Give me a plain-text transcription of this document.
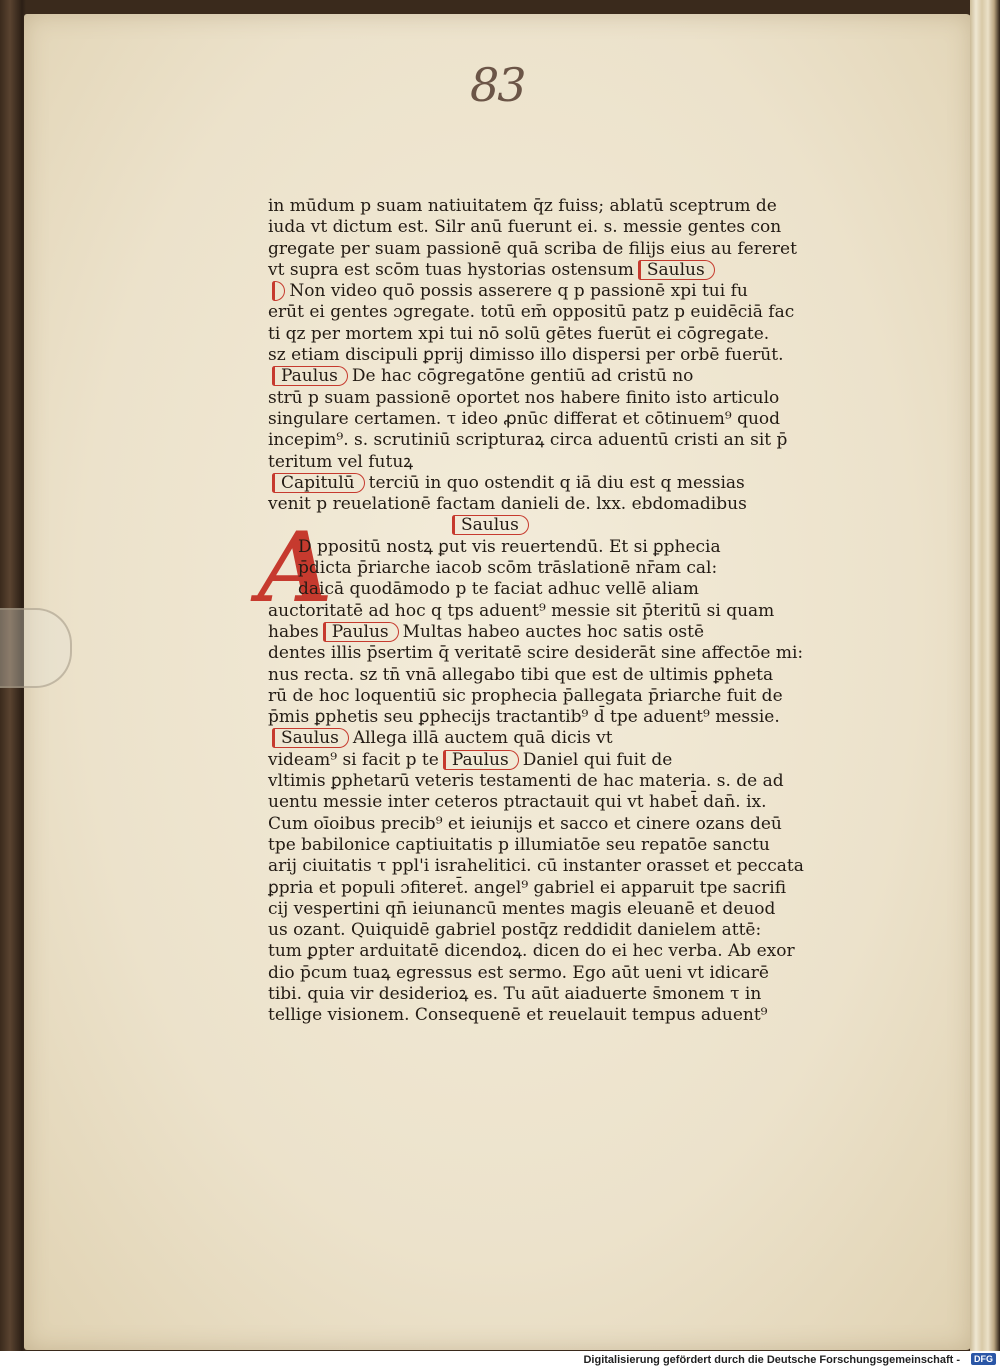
83
A
in mūdum p suam natiuitatem q̄z fuiss; ablatū sceptrum de
iuda vt dictum est. Silr anū fuerunt ei. s. messie gentes con
gregate per suam passionē quā scriba de filijs eius au fereret
vt supra est scōm tuas hystorias ostensum Saulus
Non video quō possis asserere q p passionē xpi tui fu
erūt ei gentes ɔgregate. totū em̄ oppositū patz p euidēciā fac
ti qz per mortem xpi tui nō solū gētes fuerūt ei cōgregate.
sz etiam discipuli ꝑprij dimisso illo dispersi per orbē fuerūt.
Paulus De hac cōgregatōne gentiū ad cristū no
strū p suam passionē oportet nos habere finito isto articulo
singulare certamen. τ ideo ꝓnūc differat et cōtinuem⁹ quod
incepim⁹. s. scrutiniū scripturaꝝ circa aduentū cristi an sit p̄
teritum vel futuꝝ
Capitulū terciū in quo ostendit q iā diu est q messias
venit p reuelationē factam danieli de. lxx. ebdomadibus
Saulus
D ppositū nostꝝ ꝑut vis reuertendū. Et si ꝑphecia
p̄dicta p̄riarche iacob scōm trāslationē nr̄am cal:
daicā quodāmodo p te faciat adhuc vellē aliam
auctoritatē ad hoc q tps aduent⁹ messie sit p̄teritū si quam
habes Paulus Multas habeo auctes hoc satis ostē
dentes illis p̄sertim q̄ veritatē scire desiderāt sine affectōe mi:
nus recta. sz tn̄ vnā allegabo tibi que est de ultimis ꝑpheta
rū de hoc loquentiū sic prophecia p̄allegata p̄riarche fuit de
p̄mis ꝑphetis seu ꝑphecijs tractantib⁹ d̄ tpe aduent⁹ messie.
Saulus Allega illā auctem quā dicis vt
videam⁹ si facit p te Paulus Daniel qui fuit de
vltimis ꝑphetarū veteris testamenti de hac materia. s. de ad
uentu messie inter ceteros ptractauit qui vt habet̄ dan̄. ix.
Cum oīoibus precib⁹ et ieiunijs et sacco et cinere ozans deū
tpe babilonice captiuitatis p illumiatōe seu repatōe sanctu
arij ciuitatis τ ppl'i israhelitici. cū instanter orasset et peccata
ꝑpria et populi ɔfiteret̄. angel⁹ gabriel ei apparuit tpe sacrifi
cij vespertini qn̄ ieiunancū mentes magis eleuanē et deuod
us ozant. Quiquidē gabriel postq̄z reddidit danielem attē:
tum ꝑpter arduitatē dicendoꝝ. dicen do ei hec verba. Ab exor
dio p̄cum tuaꝝ egressus est sermo. Ego aūt ueni vt idicarē
tibi. quia vir desiderioꝝ es. Tu aūt aiaduerte s̄monem τ in
tellige visionem. Consequenē et reuelauit tempus aduent⁹
Digitalisierung gefördert durch die Deutsche Forschungsgemeinschaft -	DFG
